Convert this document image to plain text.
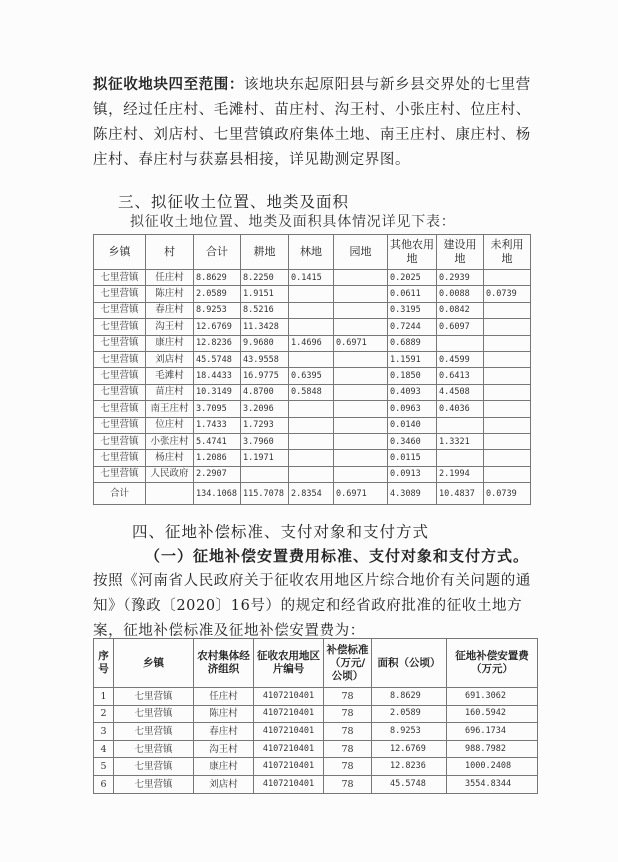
拟征收地块四至范围：该地块东起原阳县与新乡县交界处的七里营镇，经过任庄村、毛滩村、苗庄村、沟王村、小张庄村、位庄村、陈庄村、刘店村、七里营镇政府集体土地、南王庄村、康庄村、杨庄村、春庄村与获嘉县相接，详见勘测定界图。

三、拟征收土位置、地类及面积

拟征收土地位置、地类及面积具体情况详见下表：

乡镇	村	合计	耕地	林地	园地	其他农用地	建设用地	未利用地
七里营镇	任庄村	8.8629	8.2250	0.1415		0.2025	0.2939	
七里营镇	陈庄村	2.0589	1.9151			0.0611	0.0088	0.0739
七里营镇	春庄村	8.9253	8.5216			0.3195	0.0842	
七里营镇	沟王村	12.6769	11.3428			0.7244	0.6097	
七里营镇	康庄村	12.8236	9.9680	1.4696	0.6971	0.6889		
七里营镇	刘店村	45.5748	43.9558			1.1591	0.4599	
七里营镇	毛滩村	18.4433	16.9775	0.6395		0.1850	0.6413	
七里营镇	苗庄村	10.3149	4.8700	0.5848		0.4093	4.4508	
七里营镇	南王庄村	3.7095	3.2096			0.0963	0.4036	
七里营镇	位庄村	1.7433	1.7293			0.0140		
七里营镇	小张庄村	5.4741	3.7960			0.3460	1.3321	
七里营镇	杨庄村	1.2086	1.1971			0.0115		
七里营镇	人民政府	2.2907				0.0913	2.1994	
合计		134.1068	115.7078	2.8354	0.6971	4.3089	10.4837	0.0739

四、征地补偿标准、支付对象和支付方式

（一）征地补偿安置费用标准、支付对象和支付方式。

按照《河南省人民政府关于征收农用地区片综合地价有关问题的通知》（豫政〔2020〕16号）的规定和经省政府批准的征收土地方案，征地补偿标准及征地补偿安置费为：

序号	乡镇	农村集体经济组织	征收农用地区片编号	补偿标准（万元/公顷）	面积（公顷）	征地补偿安置费（万元）
1	七里营镇	任庄村	4107210401	78	8.8629	691.3062
2	七里营镇	陈庄村	4107210401	78	2.0589	160.5942
3	七里营镇	春庄村	4107210401	78	8.9253	696.1734
4	七里营镇	沟王村	4107210401	78	12.6769	988.7982
5	七里营镇	康庄村	4107210401	78	12.8236	1000.2408
6	七里营镇	刘店村	4107210401	78	45.5748	3554.8344
